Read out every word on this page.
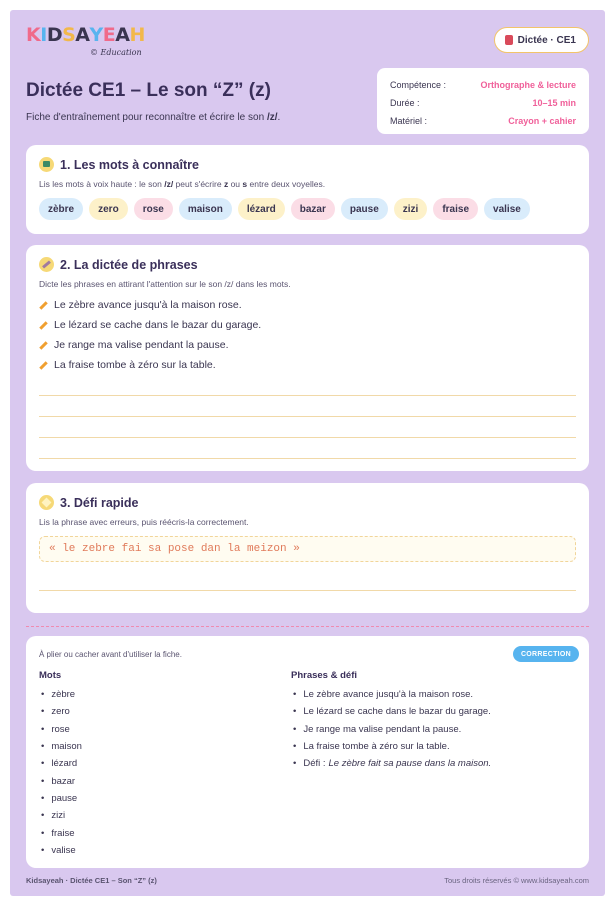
KIDSAYEAH
© Education
Dictée · CE1
Dictée CE1 – Le son “Z” (z)
Fiche d'entraînement pour reconnaître et écrire le son /z/.
Compétence :	Orthographe & lecture
Durée :	10–15 min
Matériel :	Crayon + cahier
1. Les mots à connaître
Lis les mots à voix haute : le son /z/ peut s'écrire z ou s entre deux voyelles.
zèbre	zero	rose	maison	lézard	bazar	pause	zizi	fraise	valise
2. La dictée de phrases
Dicte les phrases en attirant l'attention sur le son /z/ dans les mots.
Le zèbre avance jusqu'à la maison rose.
Le lézard se cache dans le bazar du garage.
Je range ma valise pendant la pause.
La fraise tombe à zéro sur la table.
3. Défi rapide
Lis la phrase avec erreurs, puis réécris-la correctement.
« le zebre fai sa pose dan la meizon »
CORRECTION
À plier ou cacher avant d'utiliser la fiche.
Mots
• zèbre
• zero
• rose
• maison
• lézard
• bazar
• pause
• zizi
• fraise
• valise
Phrases & défi
• Le zèbre avance jusqu'à la maison rose.
• Le lézard se cache dans le bazar du garage.
• Je range ma valise pendant la pause.
• La fraise tombe à zéro sur la table.
• Défi : Le zèbre fait sa pause dans la maison.
Kidsayeah · Dictée CE1 – Son “Z” (z)	Tous droits réservés © www.kidsayeah.com
